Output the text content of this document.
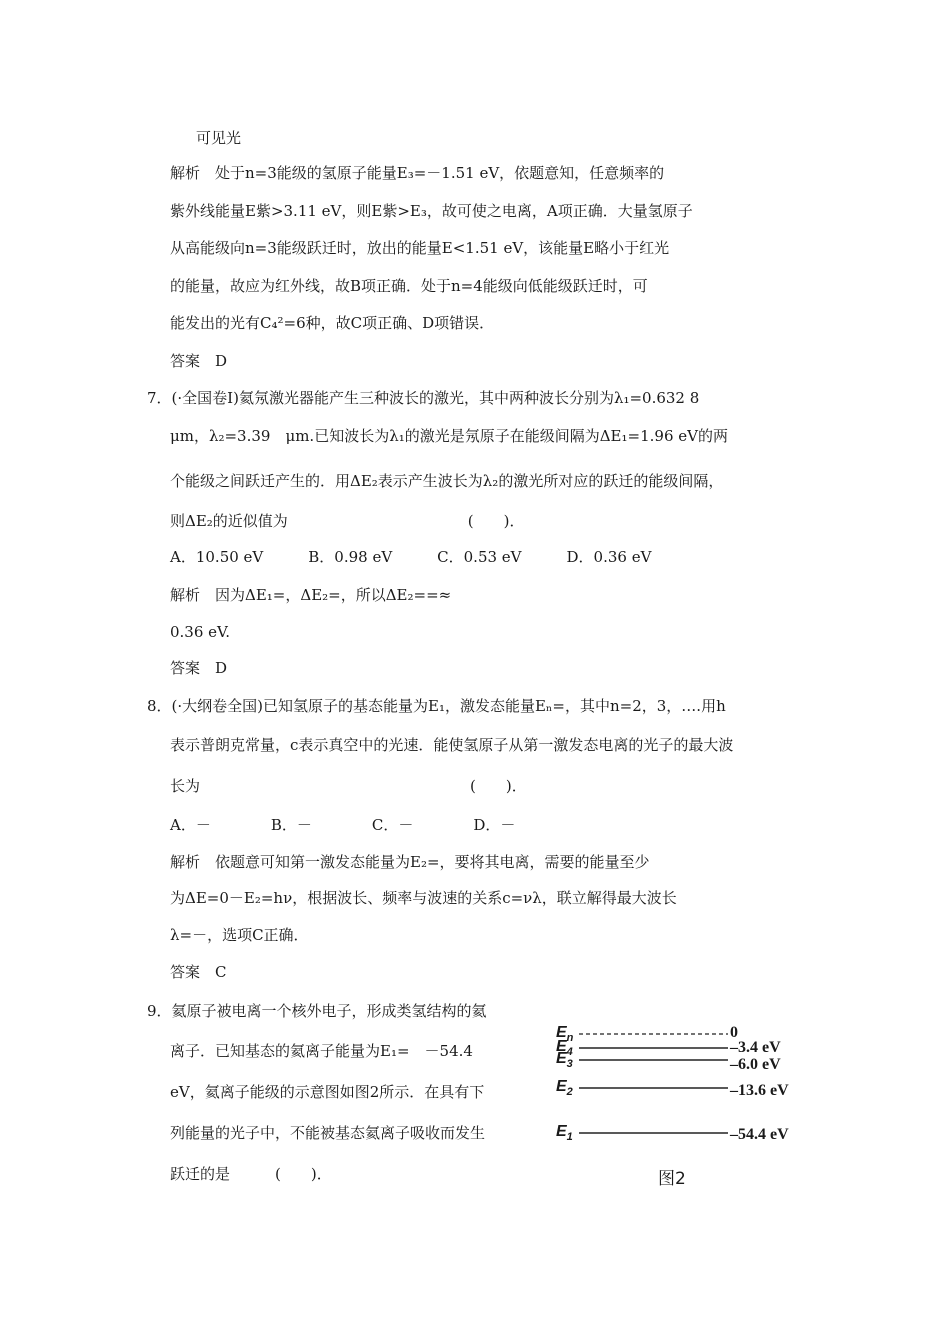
可见光
解析　处于n=3能级的氢原子能量E₃=－1.51 eV，依题意知，任意频率的
紫外线能量E紫>3.11 eV，则E紫>E₃，故可使之电离，A项正确．大量氢原子
从高能级向n=3能级跃迁时，放出的能量E<1.51 eV，该能量E略小于红光
的能量，故应为红外线，故B项正确．处于n=4能级向低能级跃迁时，可
能发出的光有C₄²=6种，故C项正确、D项错误．
答案　D
7．(·全国卷Ⅰ)氦氖激光器能产生三种波长的激光，其中两种波长分别为λ₁=0.632 8
μm，λ₂=3.39　μm.已知波长为λ₁的激光是氖原子在能级间隔为ΔE₁=1.96 eV的两
个能级之间跃迁产生的．用ΔE₂表示产生波长为λ₂的激光所对应的跃迁的能级间隔，
则ΔE₂的近似值为　　　　　　　　　　　　(　　)．
A．10.50 eV　　　B．0.98 eV　　　C．0.53 eV　　　D．0.36 eV
解析　因为ΔE₁=，ΔE₂=，所以ΔE₂==≈
0.36 eV.
答案　D
8．(·大纲卷全国)已知氢原子的基态能量为E₁，激发态能量Eₙ=，其中n=2，3，….用h
表示普朗克常量，c表示真空中的光速．能使氢原子从第一激发态电离的光子的最大波
长为　　　　　　　　　　　　　　　　　　(　　)．
A．－　　　　B．－　　　　C．－　　　　D．－
解析　依题意可知第一激发态能量为E₂=，要将其电离，需要的能量至少
为ΔE=0－E₂=hν，根据波长、频率与波速的关系c=νλ，联立解得最大波长
λ=－，选项C正确．
答案　C
9．氦原子被电离一个核外电子，形成类氢结构的氦
离子．已知基态的氦离子能量为E₁=　－54.4
eV，氦离子能级的示意图如图2所示．在具有下
列能量的光子中，不能被基态氦离子吸收而发生
跃迁的是　　　(　　)．
$E_n$
$E_4$
$E_3$
$E_2$
$E_1$
0
–3.4 eV
–6.0 eV
–13.6 eV
–54.4 eV
图2
